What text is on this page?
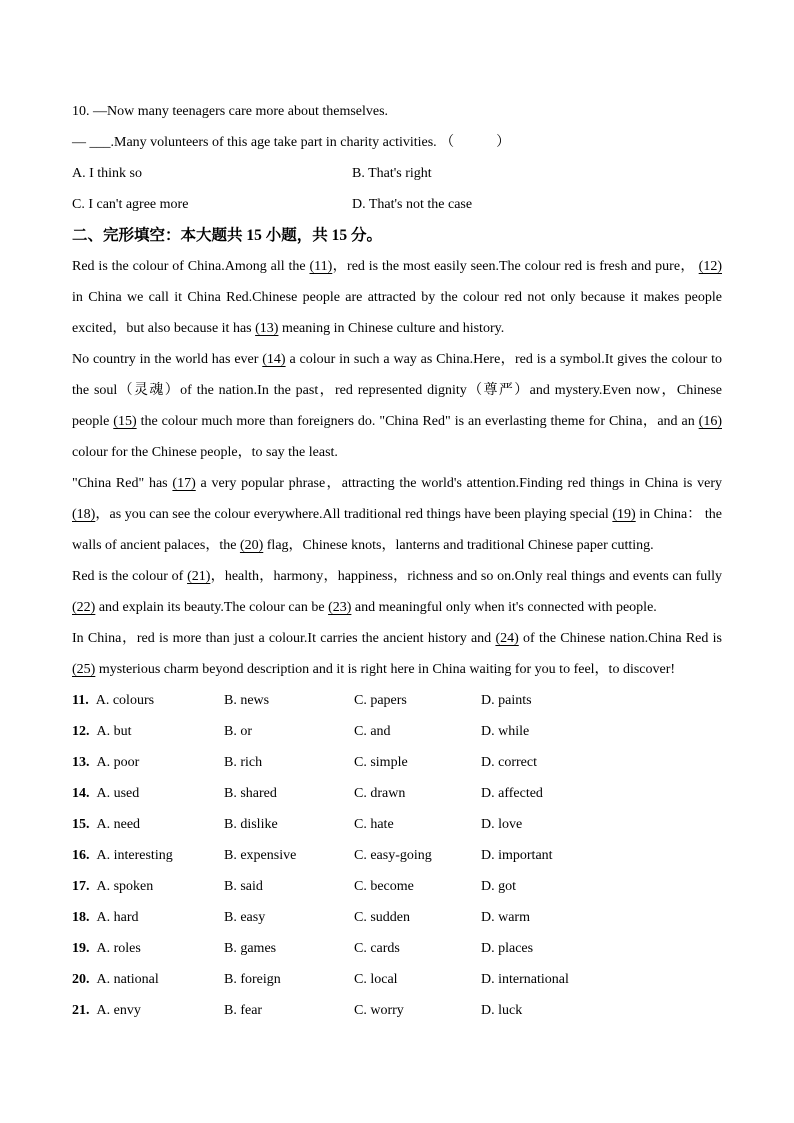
10. —Now many teenagers care more about themselves.
— ___.Many volunteers of this age take part in charity activities. （　　　）
A. I think so	B. That's right
C. I can't agree more	D. That's not the case
二、完形填空：本大题共 15 小题，共 15 分。
Red is the colour of China.Among all the (11)，red is the most easily seen.The colour red is fresh and pure， (12) in China we call it China Red.Chinese people are attracted by the colour red not only because it makes people excited，but also because it has (13) meaning in Chinese culture and history.
No country in the world has ever (14) a colour in such a way as China.Here，red is a symbol.It gives the colour to the soul（灵魂）of the nation.In the past，red represented dignity（尊严）and mystery.Even now，Chinese people (15) the colour much more than foreigners do. "China Red" is an everlasting theme for China，and an (16) colour for the Chinese people，to say the least.
"China Red" has (17) a very popular phrase，attracting the world's attention.Finding red things in China is very (18)，as you can see the colour everywhere.All traditional red things have been playing special (19) in China： the walls of ancient palaces，the (20) flag，Chinese knots，lanterns and traditional Chinese paper cutting.
Red is the colour of (21)，health，harmony，happiness，richness and so on.Only real things and events can fully (22) and explain its beauty.The colour can be (23) and meaningful only when it's connected with people.
In China，red is more than just a colour.It carries the ancient history and (24) of the Chinese nation.China Red is (25) mysterious charm beyond description and it is right here in China waiting for you to feel，to discover!
11. A. colours	B. news	C. papers	D. paints
12. A. but	B. or	C. and	D. while
13. A. poor	B. rich	C. simple	D. correct
14. A. used	B. shared	C. drawn	D. affected
15. A. need	B. dislike	C. hate	D. love
16. A. interesting	B. expensive	C. easy-going	D. important
17. A. spoken	B. said	C. become	D. got
18. A. hard	B. easy	C. sudden	D. warm
19. A. roles	B. games	C. cards	D. places
20. A. national	B. foreign	C. local	D. international
21. A. envy	B. fear	C. worry	D. luck
